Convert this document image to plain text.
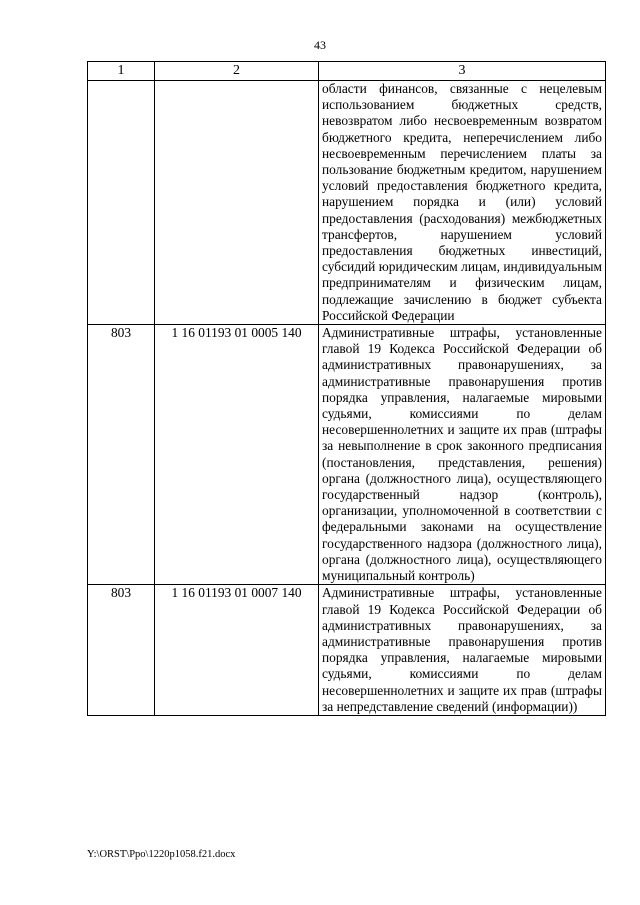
43
1	2	3
		области финансов, связанные с нецелевым использованием бюджетных средств, невозвратом либо несвоевременным возвратом бюджетного кредита, неперечислением либо несвоевременным перечислением платы за пользование бюджетным кредитом, нарушением условий предоставления бюджетного кредита, нарушением порядка и (или) условий предоставления (расходования) межбюджетных трансфертов, нарушением условий предоставления бюджетных инвестиций, субсидий юридическим лицам, индивидуальным предпринимателям и физическим лицам, подлежащие зачислению в бюджет субъекта Российской Федерации
803	1 16 01193 01 0005 140	Административные штрафы, установленные главой 19 Кодекса Российской Федерации об административных правонарушениях, за административные правонарушения против порядка управления, налагаемые мировыми судьями, комиссиями по делам несовершеннолетних и защите их прав (штрафы за невыполнение в срок законного предписания (постановления, представления, решения) органа (должностного лица), осуществляющего государственный надзор (контроль), организации, уполномоченной в соответствии с федеральными законами на осуществление государственного надзора (должностного лица), органа (должностного лица), осуществляющего муниципальный контроль)
803	1 16 01193 01 0007 140	Административные штрафы, установленные главой 19 Кодекса Российской Федерации об административных правонарушениях, за административные правонарушения против порядка управления, налагаемые мировыми судьями, комиссиями по делам несовершеннолетних и защите их прав (штрафы за непредставление сведений (информации))
Y:\ORST\Ppo\1220p1058.f21.docx
